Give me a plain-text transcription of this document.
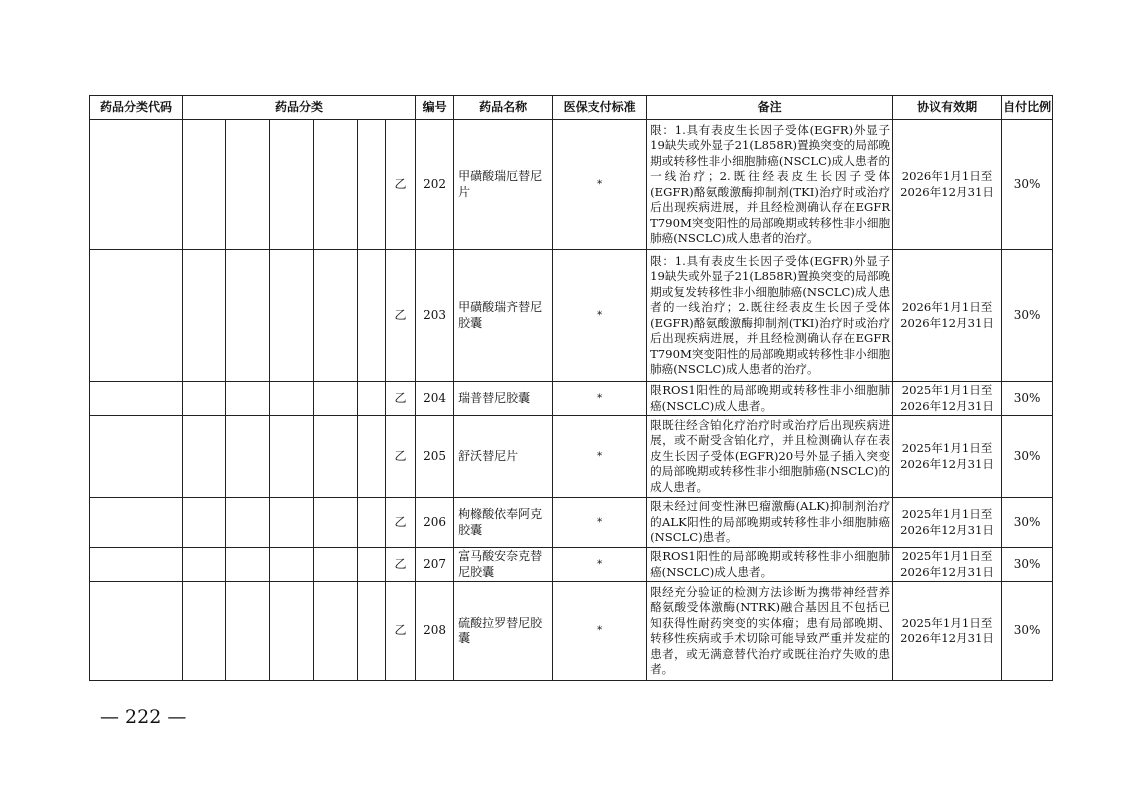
药品分类代码	药品分类						编号	药品名称	医保支付标准	备注	协议有效期	自付比例
						乙	202	甲磺酸瑞厄替尼片	*	限：1.具有表皮生长因子受体(EGFR)外显子19缺失或外显子21(L858R)置换突变的局部晚期或转移性非小细胞肺癌(NSCLC)成人患者的一线治疗；2.既往经表皮生长因子受体(EGFR)酪氨酸激酶抑制剂(TKI)治疗时或治疗后出现疾病进展，并且经检测确认存在EGFR T790M突变阳性的局部晚期或转移性非小细胞肺癌(NSCLC)成人患者的治疗。	2026年1月1日至
2026年12月31日	30%
						乙	203	甲磺酸瑞齐替尼胶囊	*	限：1.具有表皮生长因子受体(EGFR)外显子19缺失或外显子21(L858R)置换突变的局部晚期或复发转移性非小细胞肺癌(NSCLC)成人患者的一线治疗；2.既往经表皮生长因子受体(EGFR)酪氨酸激酶抑制剂(TKI)治疗时或治疗后出现疾病进展，并且经检测确认存在EGFR T790M突变阳性的局部晚期或转移性非小细胞肺癌(NSCLC)成人患者的治疗。	2026年1月1日至
2026年12月31日	30%
						乙	204	瑞普替尼胶囊	*	限ROS1阳性的局部晚期或转移性非小细胞肺癌(NSCLC)成人患者。	2025年1月1日至
2026年12月31日	30%
						乙	205	舒沃替尼片	*	限既往经含铂化疗治疗时或治疗后出现疾病进展，或不耐受含铂化疗，并且检测确认存在表皮生长因子受体(EGFR)20号外显子插入突变的局部晚期或转移性非小细胞肺癌(NSCLC)的成人患者。	2025年1月1日至
2026年12月31日	30%
						乙	206	枸橼酸依奉阿克胶囊	*	限未经过间变性淋巴瘤激酶(ALK)抑制剂治疗的ALK阳性的局部晚期或转移性非小细胞肺癌(NSCLC)患者。	2025年1月1日至
2026年12月31日	30%
						乙	207	富马酸安奈克替尼胶囊	*	限ROS1阳性的局部晚期或转移性非小细胞肺癌(NSCLC)成人患者。	2025年1月1日至
2026年12月31日	30%
						乙	208	硫酸拉罗替尼胶囊	*	限经充分验证的检测方法诊断为携带神经营养酪氨酸受体激酶(NTRK)融合基因且不包括已知获得性耐药突变的实体瘤；患有局部晚期、转移性疾病或手术切除可能导致严重并发症的患者，或无满意替代治疗或既往治疗失败的患者。	2025年1月1日至
2026年12月31日	30%
— 222 —
